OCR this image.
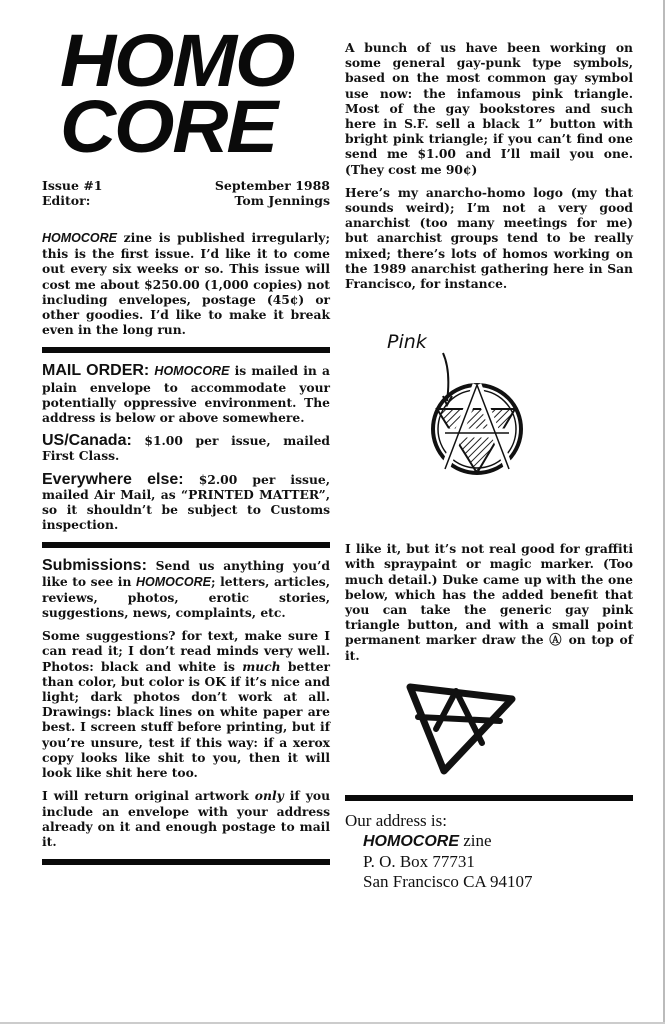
HOMO
CORE
Issue #1
Editor:
September 1988
Tom Jennings

HOMOCORE zine is published irregularly; this is the first issue. I’d like it to come out every six weeks or so. This issue will cost me about $250.00 (1,000 copies) not including envelopes, postage (45¢) or other goodies. I’d like to make it break even in the long run.

MAIL ORDER: HOMOCORE is mailed in a plain envelope to accommodate your potentially oppressive environment. The address is below or above somewhere.

US/Canada: $1.00 per issue, mailed First Class.

Everywhere else: $2.00 per issue, mailed Air Mail, as “PRINTED MATTER”, so it shouldn’t be subject to Customs inspection.

Submissions: Send us anything you’d like to see in HOMOCORE; letters, articles, reviews, photos, erotic stories, suggestions, news, complaints, etc.

Some suggestions? for text, make sure I can read it; I don’t read minds very well. Photos: black and white is much better than color, but color is OK if it’s nice and light; dark photos don’t work at all. Drawings: black lines on white paper are best. I screen stuff before printing, but if you’re unsure, test if this way: if a xerox copy looks like shit to you, then it will look like shit here too.

I will return original artwork only if you include an envelope with your address already on it and enough postage to mail it.

A bunch of us have been working on some general gay-punk type symbols, based on the most common gay symbol use now: the infamous pink triangle. Most of the gay bookstores and such here in S.F. sell a black 1” button with bright pink triangle; if you can’t find one send me $1.00 and I’ll mail you one. (They cost me 90¢)

Here’s my anarcho-homo logo (my that sounds weird); I’m not a very good anarchist (too many meetings for me) but anarchist groups tend to be really mixed; there’s lots of homos working on the 1989 anarchist gathering here in San Francisco, for instance.

Pink

I like it, but it’s not real good for graffiti with spraypaint or magic marker. (Too much detail.) Duke came up with the one below, which has the added benefit that you can take the generic gay pink triangle button, and with a small point permanent marker draw the Ⓐ on top of it.

Our address is:
HOMOCORE zine
P. O. Box 77731
San Francisco CA 94107
